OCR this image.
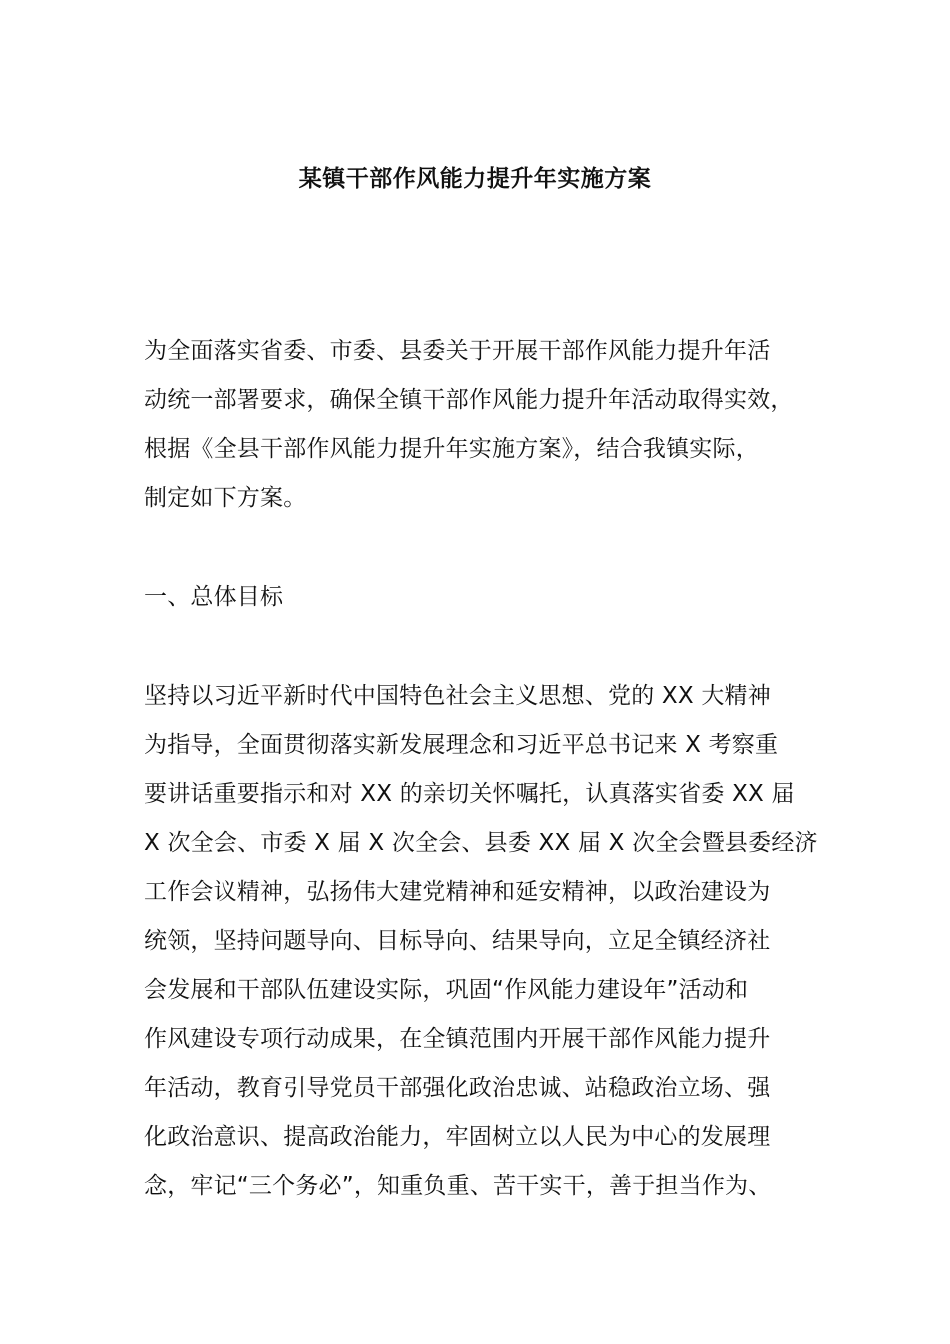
某镇干部作风能力提升年实施方案
为全面落实省委、市委、县委关于开展干部作风能力提升年活
动统一部署要求，确保全镇干部作风能力提升年活动取得实效，
根据《全县干部作风能力提升年实施方案》，结合我镇实际，
制定如下方案。
一、总体目标
坚持以习近平新时代中国特色社会主义思想、党的 XX 大精神
为指导，全面贯彻落实新发展理念和习近平总书记来 X 考察重
要讲话重要指示和对 XX 的亲切关怀嘱托，认真落实省委 XX 届
X 次全会、市委 X 届 X 次全会、县委 XX 届 X 次全会暨县委经济
工作会议精神，弘扬伟大建党精神和延安精神，以政治建设为
统领，坚持问题导向、目标导向、结果导向，立足全镇经济社
会发展和干部队伍建设实际，巩固“作风能力建设年”活动和
作风建设专项行动成果，在全镇范围内开展干部作风能力提升
年活动，教育引导党员干部强化政治忠诚、站稳政治立场、强
化政治意识、提高政治能力，牢固树立以人民为中心的发展理
念，牢记“三个务必”，知重负重、苦干实干，善于担当作为、
